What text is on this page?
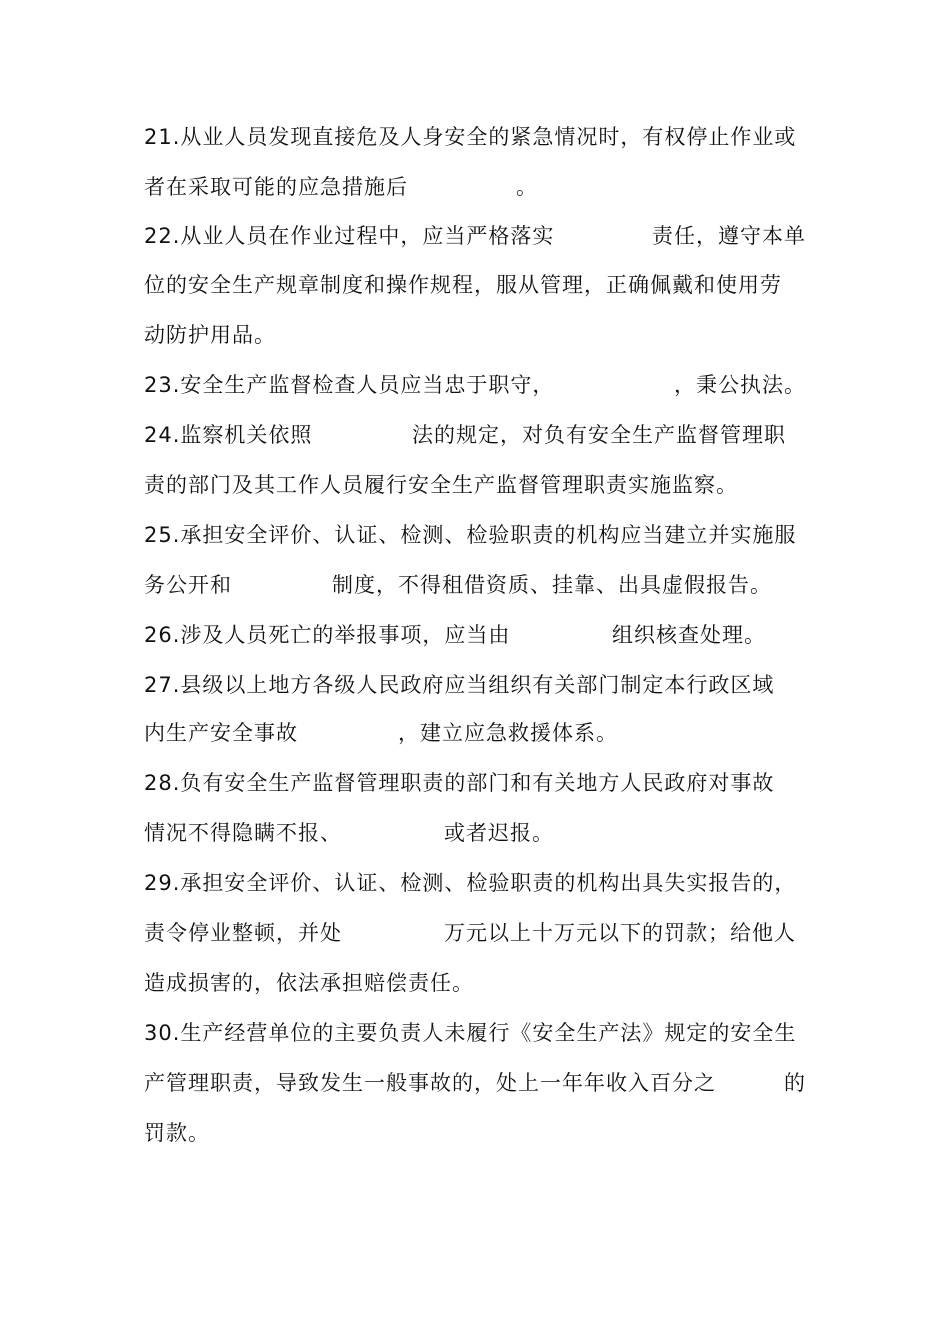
21.从业人员发现直接危及人身安全的紧急情况时，有权停止作业或
者在采取可能的应急措施后	。
22.从业人员在作业过程中，应当严格落实	责任，遵守本单
位的安全生产规章制度和操作规程，服从管理，正确佩戴和使用劳
动防护用品。
23.安全生产监督检查人员应当忠于职守，	，秉公执法。
24.监察机关依照	法的规定，对负有安全生产监督管理职
责的部门及其工作人员履行安全生产监督管理职责实施监察。
25.承担安全评价、认证、检测、检验职责的机构应当建立并实施服
务公开和	制度，不得租借资质、挂靠、出具虚假报告。
26.涉及人员死亡的举报事项，应当由	组织核查处理。
27.县级以上地方各级人民政府应当组织有关部门制定本行政区域
内生产安全事故	，建立应急救援体系。
28.负有安全生产监督管理职责的部门和有关地方人民政府对事故
情况不得隐瞒不报、	或者迟报。
29.承担安全评价、认证、检测、检验职责的机构出具失实报告的，
责令停业整顿，并处	万元以上十万元以下的罚款；给他人
造成损害的，依法承担赔偿责任。
30.生产经营单位的主要负责人未履行《安全生产法》规定的安全生
产管理职责，导致发生一般事故的，处上一年年收入百分之	的
罚款。
